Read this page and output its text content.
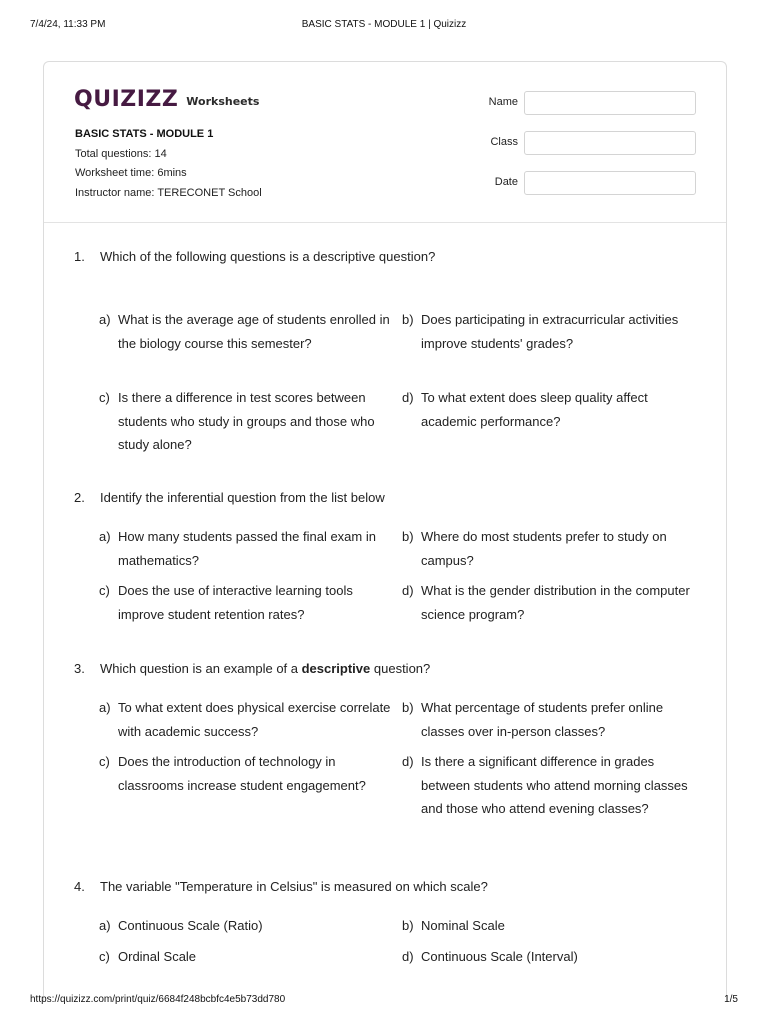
7/4/24, 11:33 PM	BASIC STATS - MODULE 1 | Quizizz
QUIZIZZ Worksheets
BASIC STATS - MODULE 1
Total questions: 14
Worksheet time: 6mins
Instructor name: TERECONET School
Name
Class
Date
1.	Which of the following questions is a descriptive question?
a) What is the average age of students enrolled in the biology course this semester?
b) Does participating in extracurricular activities improve students' grades?
c) Is there a difference in test scores between students who study in groups and those who study alone?
d) To what extent does sleep quality affect academic performance?
2.	Identify the inferential question from the list below
a) How many students passed the final exam in mathematics?
b) Where do most students prefer to study on campus?
c) Does the use of interactive learning tools improve student retention rates?
d) What is the gender distribution in the computer science program?
3.	Which question is an example of a descriptive question?
a) To what extent does physical exercise correlate with academic success?
b) What percentage of students prefer online classes over in-person classes?
c) Does the introduction of technology in classrooms increase student engagement?
d) Is there a significant difference in grades between students who attend morning classes and those who attend evening classes?
4.	The variable "Temperature in Celsius" is measured on which scale?
a) Continuous Scale (Ratio)	b) Nominal Scale
c) Ordinal Scale	d) Continuous Scale (Interval)
https://quizizz.com/print/quiz/6684f248bcbfc4e5b73dd780	1/5
